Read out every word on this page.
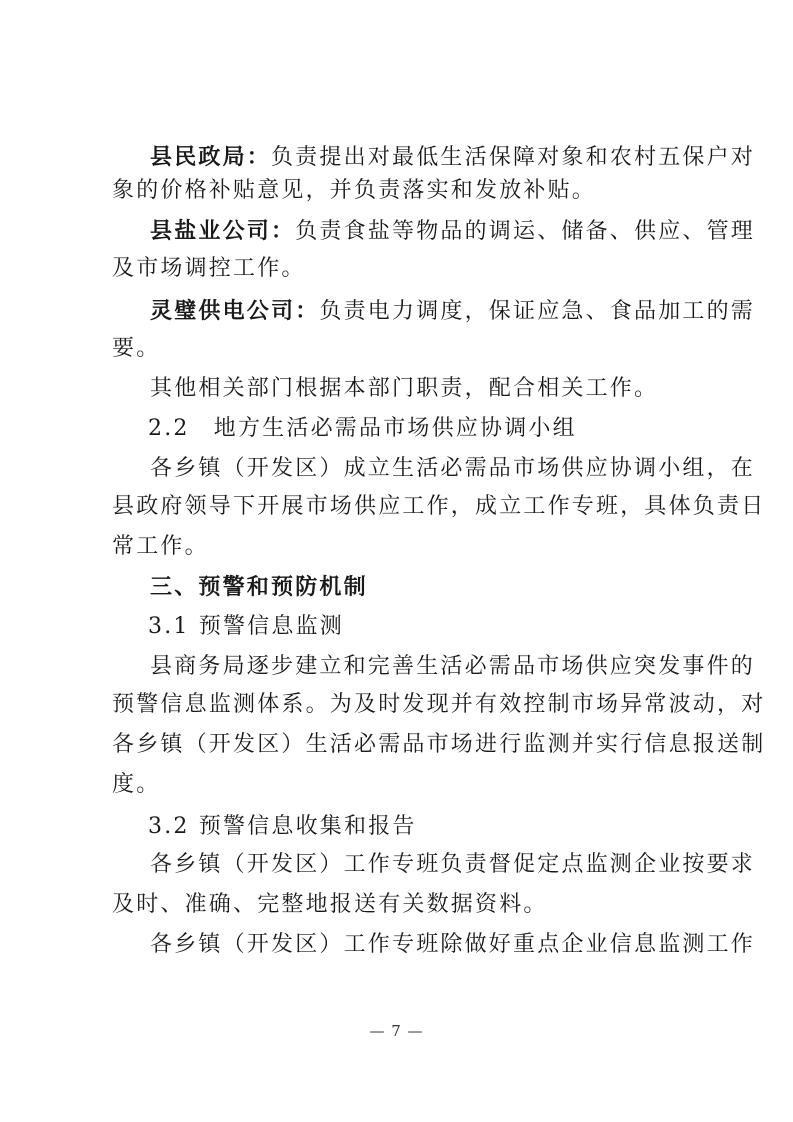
县民政局：负责提出对最低生活保障对象和农村五保户对
象的价格补贴意见，并负责落实和发放补贴。
县盐业公司：负责食盐等物品的调运、储备、供应、管理
及市场调控工作。
灵璧供电公司：负责电力调度，保证应急、食品加工的需
要。
其他相关部门根据本部门职责，配合相关工作。
2.2　地方生活必需品市场供应协调小组
各乡镇（开发区）成立生活必需品市场供应协调小组，在
县政府领导下开展市场供应工作，成立工作专班，具体负责日
常工作。
三、预警和预防机制
3.1 预警信息监测
县商务局逐步建立和完善生活必需品市场供应突发事件的
预警信息监测体系。为及时发现并有效控制市场异常波动，对
各乡镇（开发区）生活必需品市场进行监测并实行信息报送制
度。
3.2 预警信息收集和报告
各乡镇（开发区）工作专班负责督促定点监测企业按要求
及时、准确、完整地报送有关数据资料。
各乡镇（开发区）工作专班除做好重点企业信息监测工作
— 7 —
